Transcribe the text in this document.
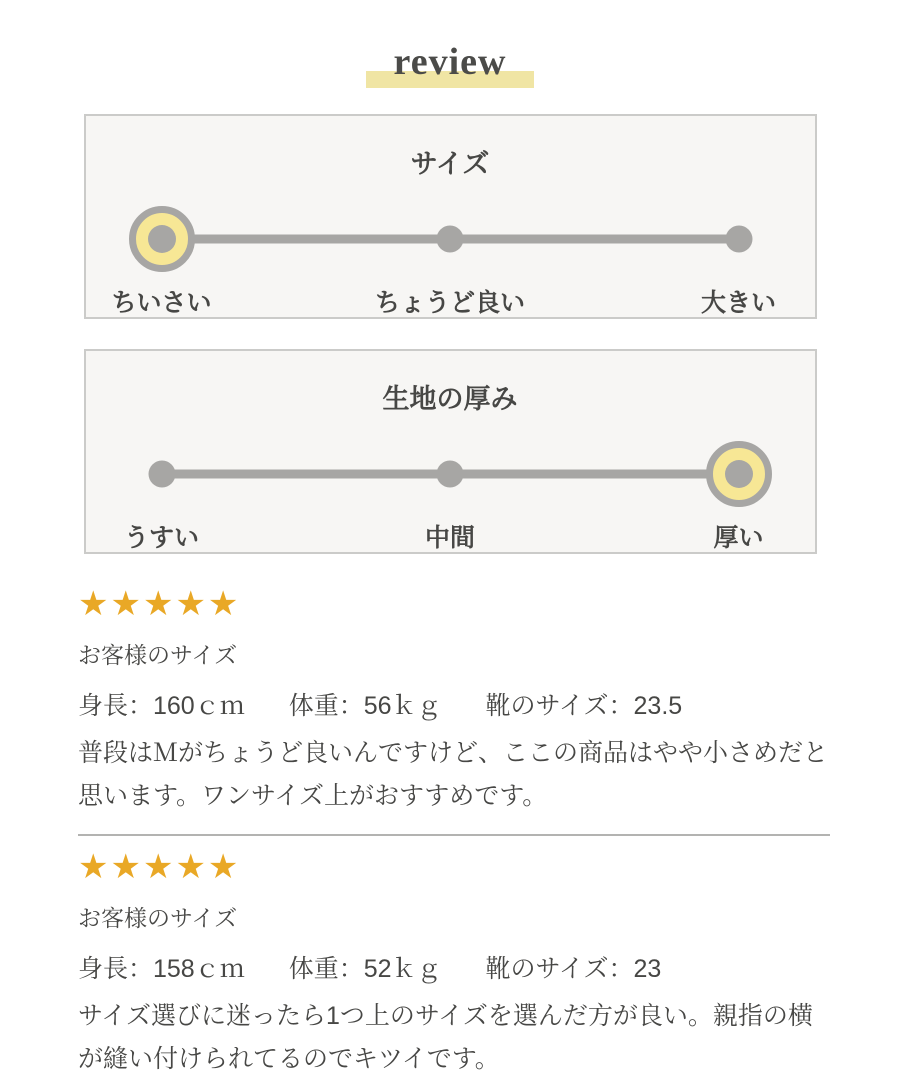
review
サイズ
ちいさい	ちょうど良い	大きい
生地の厚み
うすい	中間	厚い
★★★★★
お客様のサイズ
身長：160ｃｍ 体重：56ｋｇ 靴のサイズ：23.5
普段はＭがちょうど良いんですけど、ここの商品はやや小さめだと思います。ワンサイズ上がおすすめです。
★★★★★
お客様のサイズ
身長：158ｃｍ 体重：52ｋｇ 靴のサイズ：23
サイズ選びに迷ったら1つ上のサイズを選んだ方が良い。親指の横が縫い付けられてるのでキツイです。
